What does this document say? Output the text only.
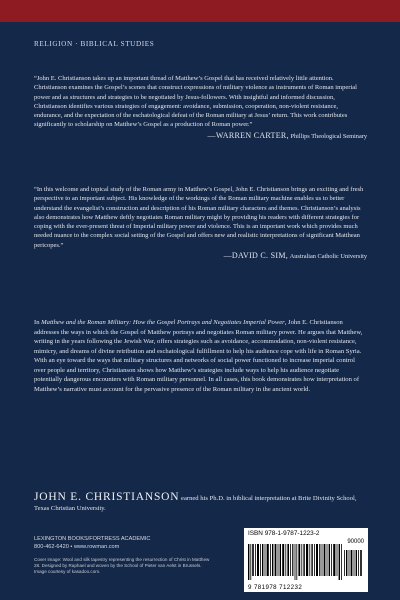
RELIGION · BIBLICAL STUDIES
“John E. Christianson takes up an important thread of Matthew’s Gospel that has received relatively little attention. Christianson examines the Gospel’s scenes that construct expressions of military violence as instruments of Roman imperial power and as structures and strategies to be negotiated by Jesus-followers. With insightful and informed discussion, Christianson identifies various strategies of engagement: avoidance, submission, cooperation, non-violent resistance, endurance, and the expectation of the eschatological defeat of the Roman military at Jesus’ return. This work contributes significantly to scholarship on Matthew’s Gospel as a production of Roman power.”
—WARREN CARTER, Phillips Theological Seminary
“In this welcome and topical study of the Roman army in Matthew’s Gospel, John E. Christianson brings an exciting and fresh perspective to an important subject. His knowledge of the workings of the Roman military machine enables us to better understand the evangelist’s construction and description of his Roman military characters and themes. Christianson’s analysis also demonstrates how Matthew deftly negotiates Roman military might by providing his readers with different strategies for coping with the ever-present threat of Imperial military power and violence. This is an important work which provides much needed nuance to the complex social setting of the Gospel and offers new and realistic interpretations of significant Matthean pericopes.”
—DAVID C. SIM, Australian Catholic University

In Matthew and the Roman Military: How the Gospel Portrays and Negotiates Imperial Power, John E. Christianson addresses the ways in which the Gospel of Matthew portrays and negotiates Roman military power. He argues that Matthew, writing in the years following the Jewish War, offers strategies such as avoidance, accommodation, non-violent resistance, mimicry, and dreams of divine retribution and eschatological fulfillment to help his audience cope with life in Roman Syria. With an eye toward the ways that military structures and networks of social power functioned to increase imperial control over people and territory, Christianson shows how Matthew’s strategies include ways to help his audience negotiate potentially dangerous encounters with Roman military personnel. In all cases, this book demonstrates how interpretation of Matthew’s narrative must account for the pervasive presence of the Roman military in the ancient world.

JOHN E. CHRISTIANSON earned his Ph.D. in biblical interpretation at Brite Divinity School, Texas Christian University.
LEXINGTON BOOKS/FORTRESS ACADEMIC
800-462-6420 • www.rowman.com
Cover image: Wool and silk tapestry representing the resurrection of Christ in Matthew 28. Designed by Raphael and woven by the School of Pieter van Aelst in Brussels. Image courtesy of kasadoo.com.
ISBN 978-1-9787-1223-2
90000
9 781978 712232
